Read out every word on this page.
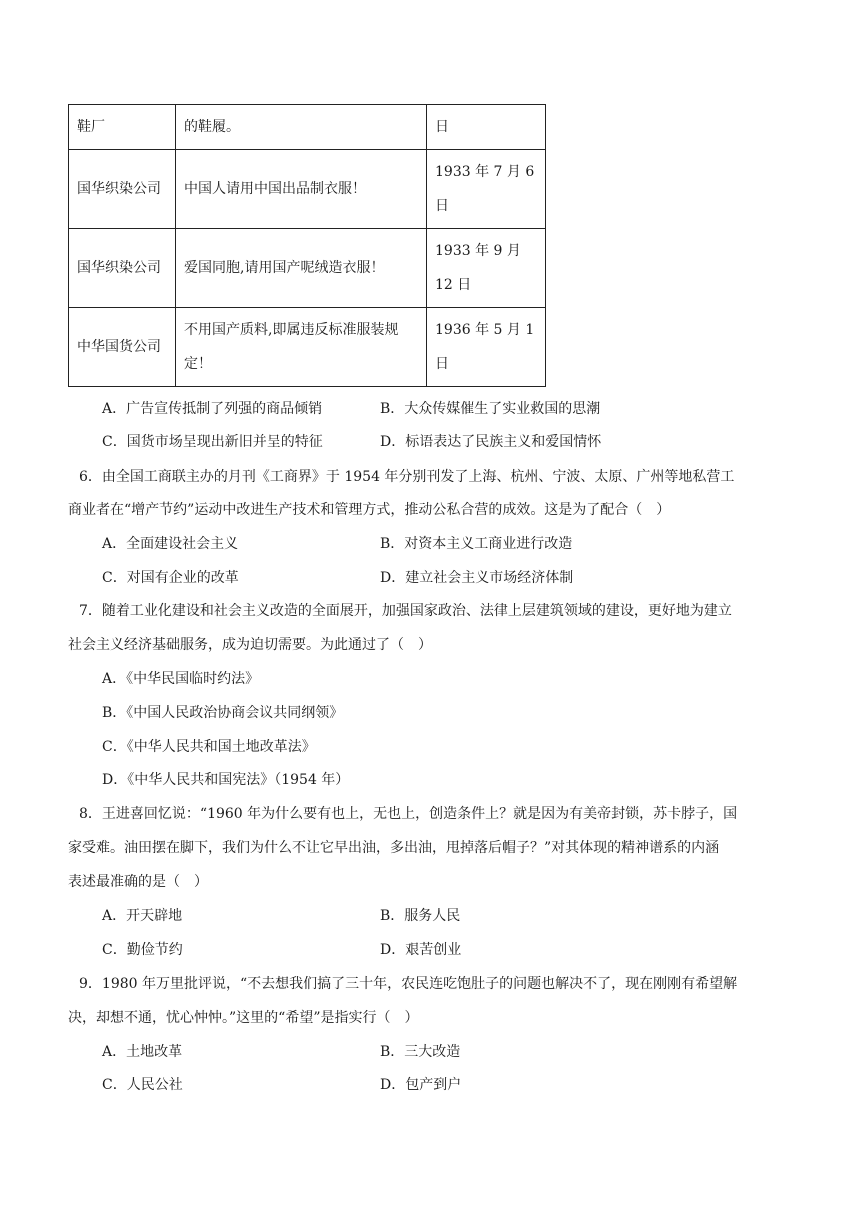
鞋厂	的鞋履。	日
国华织染公司	中国人请用中国出品制衣服！	1933 年 7 月 6 日
国华织染公司	爱国同胞,请用国产呢绒造衣服！	1933 年 9 月 12 日
中华国货公司	不用国产质料,即属违反标准服装规定！	1936 年 5 月 1 日
A．广告宣传抵制了列强的商品倾销	B．大众传媒催生了实业救国的思潮
C．国货市场呈现出新旧并呈的特征	D．标语表达了民族主义和爱国情怀
6．由全国工商联主办的月刊《工商界》于 1954 年分别刊发了上海、杭州、宁波、太原、广州等地私营工
商业者在“增产节约”运动中改进生产技术和管理方式，推动公私合营的成效。这是为了配合（　）
A．全面建设社会主义	B．对资本主义工商业进行改造
C．对国有企业的改革	D．建立社会主义市场经济体制
7．随着工业化建设和社会主义改造的全面展开，加强国家政治、法律上层建筑领域的建设，更好地为建立
社会主义经济基础服务，成为迫切需要。为此通过了（　）
A．《中华民国临时约法》
B．《中国人民政治协商会议共同纲领》
C．《中华人民共和国土地改革法》
D．《中华人民共和国宪法》（1954 年）
8．王进喜回忆说：“1960 年为什么要有也上，无也上，创造条件上？就是因为有美帝封锁，苏卡脖子，国
家受难。油田摆在脚下，我们为什么不让它早出油，多出油，甩掉落后帽子？”对其体现的精神谱系的内涵
表述最准确的是（　）
A．开天辟地	B．服务人民
C．勤俭节约	D．艰苦创业
9．1980 年万里批评说，“不去想我们搞了三十年，农民连吃饱肚子的问题也解决不了，现在刚刚有希望解
决，却想不通，忧心忡忡。”这里的“希望”是指实行（　）
A．土地改革	B．三大改造
C．人民公社	D．包产到户
